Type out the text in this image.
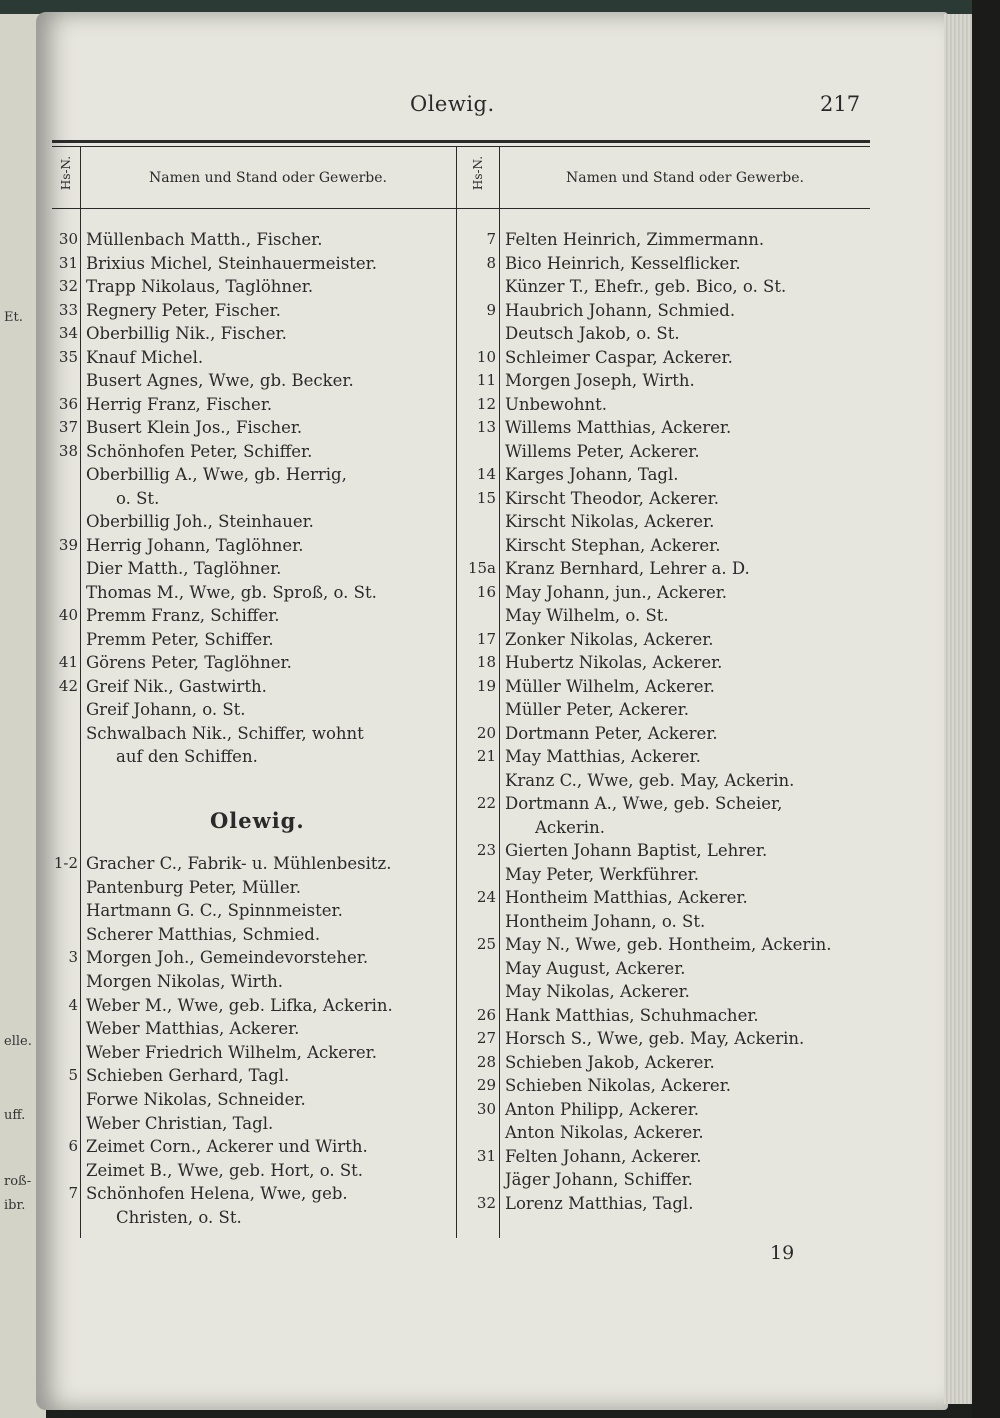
Et.
elle.
uff.
roß-
ibr.
Olewig.	217
Hs-N.	Namen und Stand oder Gewerbe.	Hs-N.	Namen und Stand oder Gewerbe.
30 Müllenbach Matth., Fischer.
31 Brixius Michel, Steinhauermeister.
32 Trapp Nikolaus, Taglöhner.
33 Regnery Peter, Fischer.
34 Oberbillig Nik., Fischer.
35 Knauf Michel.
Busert Agnes, Wwe, gb. Becker.
36 Herrig Franz, Fischer.
37 Busert Klein Jos., Fischer.
38 Schönhofen Peter, Schiffer.
Oberbillig A., Wwe, gb. Herrig,
o. St.
Oberbillig Joh., Steinhauer.
39 Herrig Johann, Taglöhner.
Dier Matth., Taglöhner.
Thomas M., Wwe, gb. Sproß, o. St.
40 Premm Franz, Schiffer.
Premm Peter, Schiffer.
41 Görens Peter, Taglöhner.
42 Greif Nik., Gastwirth.
Greif Johann, o. St.
Schwalbach Nik., Schiffer, wohnt
auf den Schiffen.
Olewig.
1-2 Gracher C., Fabrik- u. Mühlenbesitz.
Pantenburg Peter, Müller.
Hartmann G. C., Spinnmeister.
Scherer Matthias, Schmied.
3 Morgen Joh., Gemeindevorsteher.
Morgen Nikolas, Wirth.
4 Weber M., Wwe, geb. Lifka, Ackerin.
Weber Matthias, Ackerer.
Weber Friedrich Wilhelm, Ackerer.
5 Schieben Gerhard, Tagl.
Forwe Nikolas, Schneider.
Weber Christian, Tagl.
6 Zeimet Corn., Ackerer und Wirth.
Zeimet B., Wwe, geb. Hort, o. St.
7 Schönhofen Helena, Wwe, geb.
Christen, o. St.
7 Felten Heinrich, Zimmermann.
8 Bico Heinrich, Kesselflicker.
Künzer T., Ehefr., geb. Bico, o. St.
9 Haubrich Johann, Schmied.
Deutsch Jakob, o. St.
10 Schleimer Caspar, Ackerer.
11 Morgen Joseph, Wirth.
12 Unbewohnt.
13 Willems Matthias, Ackerer.
Willems Peter, Ackerer.
14 Karges Johann, Tagl.
15 Kirscht Theodor, Ackerer.
Kirscht Nikolas, Ackerer.
Kirscht Stephan, Ackerer.
15a Kranz Bernhard, Lehrer a. D.
16 May Johann, jun., Ackerer.
May Wilhelm, o. St.
17 Zonker Nikolas, Ackerer.
18 Hubertz Nikolas, Ackerer.
19 Müller Wilhelm, Ackerer.
Müller Peter, Ackerer.
20 Dortmann Peter, Ackerer.
21 May Matthias, Ackerer.
Kranz C., Wwe, geb. May, Ackerin.
22 Dortmann A., Wwe, geb. Scheier,
Ackerin.
23 Gierten Johann Baptist, Lehrer.
May Peter, Werkführer.
24 Hontheim Matthias, Ackerer.
Hontheim Johann, o. St.
25 May N., Wwe, geb. Hontheim, Ackerin.
May August, Ackerer.
May Nikolas, Ackerer.
26 Hank Matthias, Schuhmacher.
27 Horsch S., Wwe, geb. May, Ackerin.
28 Schieben Jakob, Ackerer.
29 Schieben Nikolas, Ackerer.
30 Anton Philipp, Ackerer.
Anton Nikolas, Ackerer.
31 Felten Johann, Ackerer.
Jäger Johann, Schiffer.
32 Lorenz Matthias, Tagl.
19
